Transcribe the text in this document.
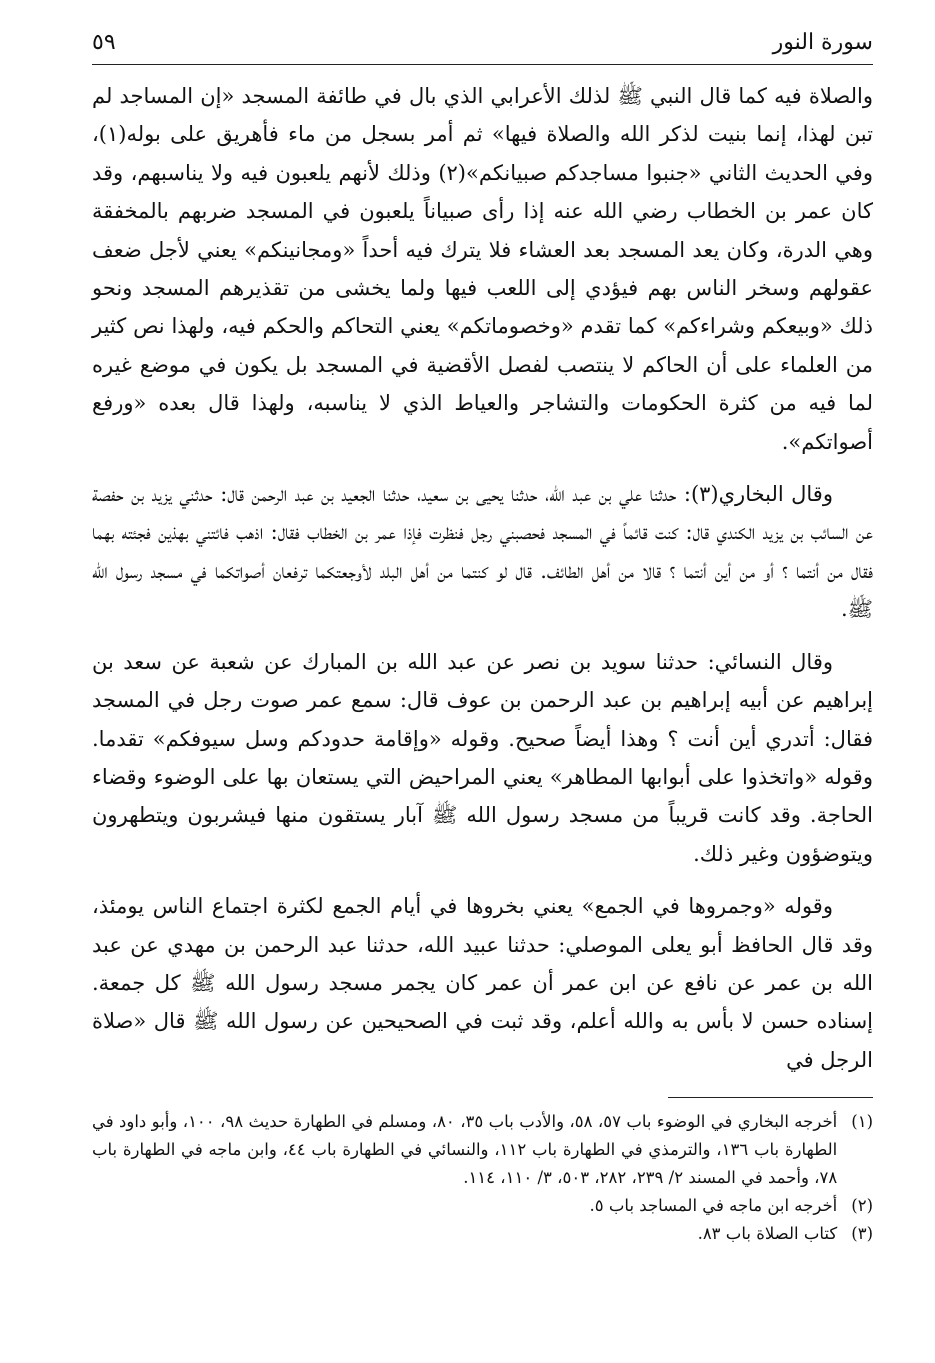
سورة النور
٥٩

والصلاة فيه كما قال النبي ﷺ لذلك الأعرابي الذي بال في طائفة المسجد «إن المساجد لم تبن لهذا، إنما بنيت لذكر الله والصلاة فيها» ثم أمر بسجل من ماء فأهريق على بوله(١)، وفي الحديث الثاني «جنبوا مساجدكم صبيانكم»(٢) وذلك لأنهم يلعبون فيه ولا يناسبهم، وقد كان عمر بن الخطاب رضي الله عنه إذا رأى صبياناً يلعبون في المسجد ضربهم بالمخفقة وهي الدرة، وكان يعد المسجد بعد العشاء فلا يترك فيه أحداً «ومجانينكم» يعني لأجل ضعف عقولهم وسخر الناس بهم فيؤدي إلى اللعب فيها ولما يخشى من تقذيرهم المسجد ونحو ذلك «وبيعكم وشراءكم» كما تقدم «وخصوماتكم» يعني التحاكم والحكم فيه، ولهذا نص كثير من العلماء على أن الحاكم لا ينتصب لفصل الأقضية في المسجد بل يكون في موضع غيره لما فيه من كثرة الحكومات والتشاجر والعياط الذي لا يناسبه، ولهذا قال بعده «ورفع أصواتكم».

وقال البخاري(٣): حدثنا علي بن عبد الله، حدثنا يحيى بن سعيد، حدثنا الجعيد بن عبد الرحمن قال: حدثني يزيد بن حفصة عن السائب بن يزيد الكندي قال: كنت قائماً في المسجد فحصبني رجل فنظرت فإذا عمر بن الخطاب فقال: اذهب فائتني بهذين فجئته بهما فقال من أنتما ؟ أو من أين أنتما ؟ قالا من أهل الطائف. قال لو كنتما من أهل البلد لأوجعتكما ترفعان أصواتكما في مسجد رسول الله ﷺ.

وقال النسائي: حدثنا سويد بن نصر عن عبد الله بن المبارك عن شعبة عن سعد بن إبراهيم عن أبيه إبراهيم بن عبد الرحمن بن عوف قال: سمع عمر صوت رجل في المسجد فقال: أتدري أين أنت ؟ وهذا أيضاً صحيح. وقوله «وإقامة حدودكم وسل سيوفكم» تقدما. وقوله «واتخذوا على أبوابها المطاهر» يعني المراحيض التي يستعان بها على الوضوء وقضاء الحاجة. وقد كانت قريباً من مسجد رسول الله ﷺ آبار يستقون منها فيشربون ويتطهرون ويتوضؤون وغير ذلك.

وقوله «وجمروها في الجمع» يعني بخروها في أيام الجمع لكثرة اجتماع الناس يومئذ، وقد قال الحافظ أبو يعلى الموصلي: حدثنا عبيد الله، حدثنا عبد الرحمن بن مهدي عن عبد الله بن عمر عن نافع عن ابن عمر أن عمر كان يجمر مسجد رسول الله ﷺ كل جمعة. إسناده حسن لا بأس به والله أعلم، وقد ثبت في الصحيحين عن رسول الله ﷺ قال «صلاة الرجل في

(١)
أخرجه البخاري في الوضوء باب ٥٧، ٥٨، والأدب باب ٣٥، ٨٠، ومسلم في الطهارة حديث ٩٨، ١٠٠، وأبو داود في الطهارة باب ١٣٦، والترمذي في الطهارة باب ١١٢، والنسائي في الطهارة باب ٤٤، وابن ماجه في الطهارة باب ٧٨، وأحمد في المسند ٢/ ٢٣٩، ٢٨٢، ٥٠٣، ٣/ ١١٠، ١١٤.
(٢)
أخرجه ابن ماجه في المساجد باب ٥.
(٣)
كتاب الصلاة باب ٨٣.
